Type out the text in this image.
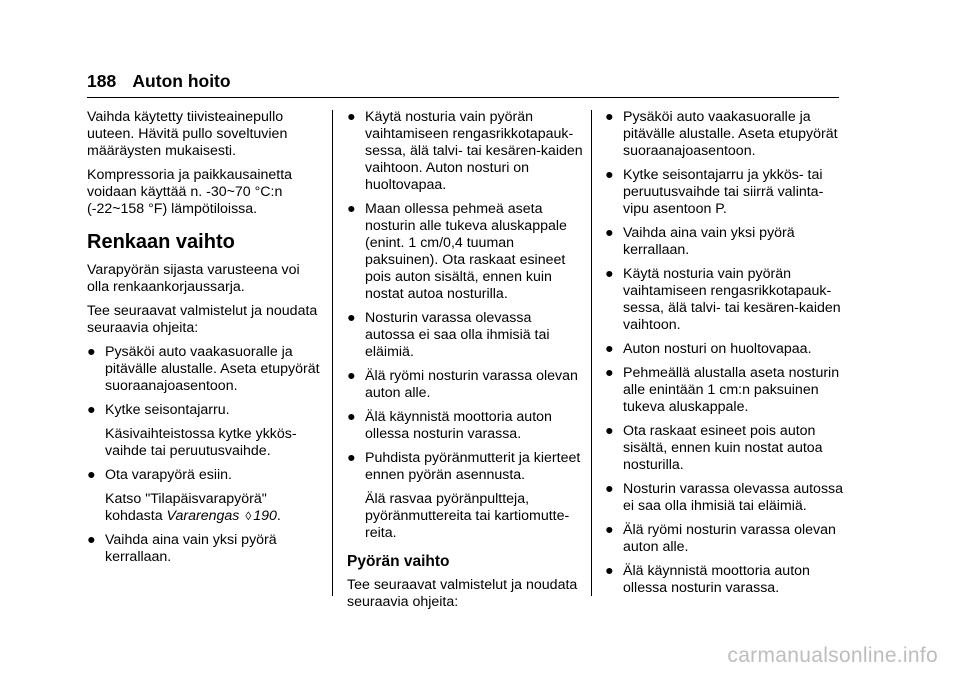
188 Auton hoito

Vaihda käytetty tiivisteainepullo uuteen. Hävitä pullo soveltuvien määräysten mukaisesti.

Kompressoria ja paikkausainetta voidaan käyttää n. -30~70 °C:n (-22~158 °F) lämpötiloissa.

Renkaan vaihto

Varapyörän sijasta varusteena voi olla renkaankorjaussarja.

Tee seuraavat valmistelut ja noudata seuraavia ohjeita:

● Pysäköi auto vaakasuoralle ja pitävälle alustalle. Aseta etupyörät suoraanajoasentoon.
● Kytke seisontajarru.

Käsivaihteistossa kytke ykkös-vaihde tai peruutusvaihde.

● Ota varapyörä esiin.

Katso "Tilapäisvarapyörä" kohdasta Vararengas ◊ 190.

● Vaihda aina vain yksi pyörä kerrallaan.
● Käytä nosturia vain pyörän vaihtamiseen rengasrikkotapauk-sessa, älä talvi- tai kesären-kaiden vaihtoon. Auton nosturi on huoltovapaa.
● Maan ollessa pehmeä aseta nosturin alle tukeva aluskappale (enint. 1 cm/0,4 tuuman paksuinen). Ota raskaat esineet pois auton sisältä, ennen kuin nostat autoa nosturilla.
● Nosturin varassa olevassa autossa ei saa olla ihmisiä tai eläimiä.
● Älä ryömi nosturin varassa olevan auton alle.
● Älä käynnistä moottoria auton ollessa nosturin varassa.
● Puhdista pyöränmutterit ja kierteet ennen pyörän asennusta.

Älä rasvaa pyöränpultteja, pyöränmuttereita tai kartiomutte-reita.

Pyörän vaihto

Tee seuraavat valmistelut ja noudata seuraavia ohjeita:

● Pysäköi auto vaakasuoralle ja pitävälle alustalle. Aseta etupyörät suoraanajoasentoon.
● Kytke seisontajarru ja ykkös- tai peruutusvaihde tai siirrä valinta-vipu asentoon P.
● Vaihda aina vain yksi pyörä kerrallaan.
● Käytä nosturia vain pyörän vaihtamiseen rengasrikkotapauk-sessa, älä talvi- tai kesären-kaiden vaihtoon.
● Auton nosturi on huoltovapaa.
● Pehmeällä alustalla aseta nosturin alle enintään 1 cm:n paksuinen tukeva aluskappale.
● Ota raskaat esineet pois auton sisältä, ennen kuin nostat autoa nosturilla.
● Nosturin varassa olevassa autossa ei saa olla ihmisiä tai eläimiä.
● Älä ryömi nosturin varassa olevan auton alle.
● Älä käynnistä moottoria auton ollessa nosturin varassa.
carmanualsonline.info
